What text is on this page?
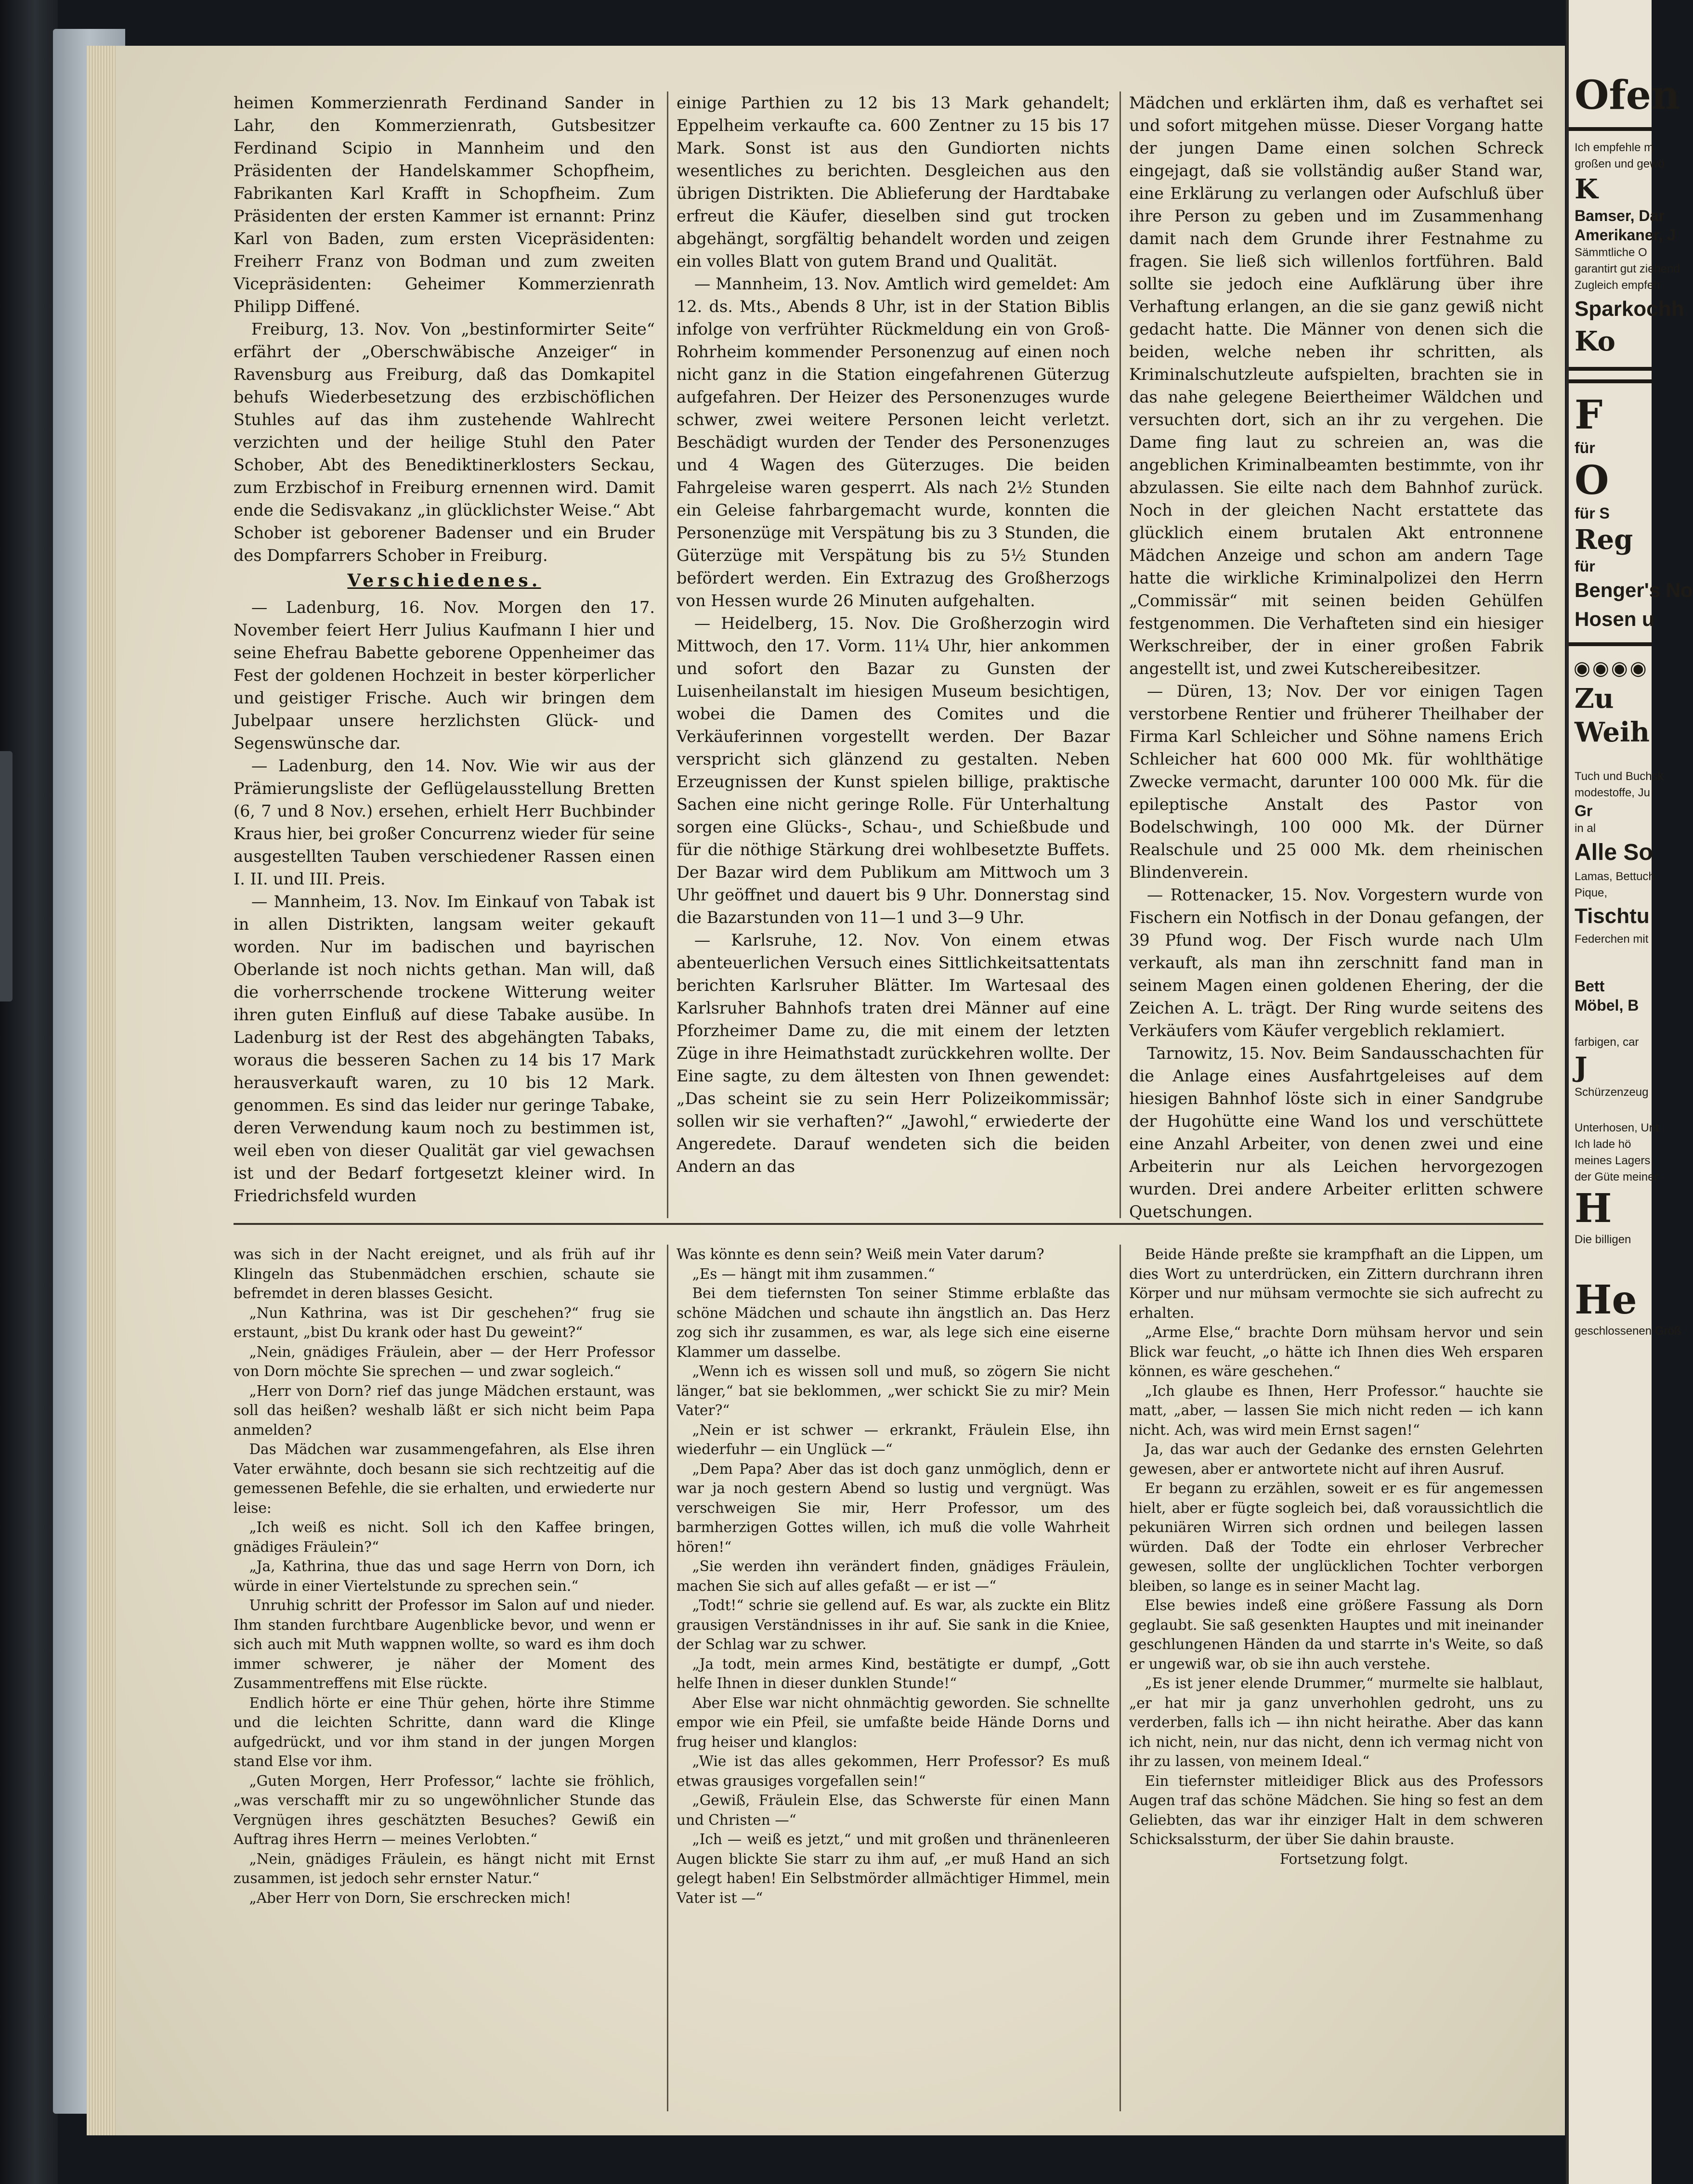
heimen Kommerzienrath Ferdinand Sander in Lahr, den Kommerzienrath, Gutsbesitzer Ferdinand Scipio in Mannheim und den Präsidenten der Handelskammer Schopfheim, Fabrikanten Karl Krafft in Schopfheim. Zum Präsidenten der ersten Kammer ist ernannt: Prinz Karl von Baden, zum ersten Vicepräsidenten: Freiherr Franz von Bodman und zum zweiten Vicepräsidenten: Geheimer Kommerzienrath Philipp Diffené.

Freiburg, 13. Nov. Von „bestinformirter Seite“ erfährt der „Oberschwäbische Anzeiger“ in Ravensburg aus Freiburg, daß das Domkapitel behufs Wiederbesetzung des erzbischöflichen Stuhles auf das ihm zustehende Wahlrecht verzichten und der heilige Stuhl den Pater Schober, Abt des Benediktinerklosters Seckau, zum Erzbischof in Freiburg ernennen wird. Damit ende die Sedisvakanz „in glücklichster Weise.“ Abt Schober ist geborener Badenser und ein Bruder des Dompfarrers Schober in Freiburg.

Verschiedenes.

— Ladenburg, 16. Nov. Morgen den 17. November feiert Herr Julius Kaufmann I hier und seine Ehefrau Babette geborene Oppenheimer das Fest der goldenen Hochzeit in bester körperlicher und geistiger Frische. Auch wir bringen dem Jubelpaar unsere herzlichsten Glück- und Segenswünsche dar.

— Ladenburg, den 14. Nov. Wie wir aus der Prämierungsliste der Geflügelausstellung Bretten (6, 7 und 8 Nov.) ersehen, erhielt Herr Buchbinder Kraus hier, bei großer Concurrenz wieder für seine ausgestellten Tauben verschiedener Rassen einen I. II. und III. Preis.

— Mannheim, 13. Nov. Im Einkauf von Tabak ist in allen Distrikten, langsam weiter gekauft worden. Nur im badischen und bayrischen Oberlande ist noch nichts gethan. Man will, daß die vorherrschende trockene Witterung weiter ihren guten Einfluß auf diese Tabake ausübe. In Ladenburg ist der Rest des abgehängten Tabaks, woraus die besseren Sachen zu 14 bis 17 Mark herausverkauft waren, zu 10 bis 12 Mark. genommen. Es sind das leider nur geringe Tabake, deren Verwendung kaum noch zu bestimmen ist, weil eben von dieser Qualität gar viel gewachsen ist und der Bedarf fortgesetzt kleiner wird. In Friedrichsfeld wurden

einige Parthien zu 12 bis 13 Mark gehandelt; Eppelheim verkaufte ca. 600 Zentner zu 15 bis 17 Mark. Sonst ist aus den Gundiorten nichts wesentliches zu berichten. Desgleichen aus den übrigen Distrikten. Die Ablieferung der Hardtabake erfreut die Käufer, dieselben sind gut trocken abgehängt, sorgfältig behandelt worden und zeigen ein volles Blatt von gutem Brand und Qualität.

— Mannheim, 13. Nov. Amtlich wird gemeldet: Am 12. ds. Mts., Abends 8 Uhr, ist in der Station Biblis infolge von verfrühter Rückmeldung ein von Groß-Rohrheim kommender Personenzug auf einen noch nicht ganz in die Station eingefahrenen Güterzug aufgefahren. Der Heizer des Personenzuges wurde schwer, zwei weitere Personen leicht verletzt. Beschädigt wurden der Tender des Personenzuges und 4 Wagen des Güterzuges. Die beiden Fahrgeleise waren gesperrt. Als nach 2½ Stunden ein Geleise fahrbargemacht wurde, konnten die Personenzüge mit Verspätung bis zu 3 Stunden, die Güterzüge mit Verspätung bis zu 5½ Stunden befördert werden. Ein Extrazug des Großherzogs von Hessen wurde 26 Minuten aufgehalten.

— Heidelberg, 15. Nov. Die Großherzogin wird Mittwoch, den 17. Vorm. 11¼ Uhr, hier ankommen und sofort den Bazar zu Gunsten der Luisenheilanstalt im hiesigen Museum besichtigen, wobei die Damen des Comites und die Verkäuferinnen vorgestellt werden. Der Bazar verspricht sich glänzend zu gestalten. Neben Erzeugnissen der Kunst spielen billige, praktische Sachen eine nicht geringe Rolle. Für Unterhaltung sorgen eine Glücks-, Schau-, und Schießbude und für die nöthige Stärkung drei wohlbesetzte Buffets. Der Bazar wird dem Publikum am Mittwoch um 3 Uhr geöffnet und dauert bis 9 Uhr. Donnerstag sind die Bazarstunden von 11—1 und 3—9 Uhr.

— Karlsruhe, 12. Nov. Von einem etwas abenteuerlichen Versuch eines Sittlichkeitsattentats berichten Karlsruher Blätter. Im Wartesaal des Karlsruher Bahnhofs traten drei Männer auf eine Pforzheimer Dame zu, die mit einem der letzten Züge in ihre Heimathstadt zurückkehren wollte. Der Eine sagte, zu dem ältesten von Ihnen gewendet: „Das scheint sie zu sein Herr Polizeikommissär; sollen wir sie verhaften?“ „Jawohl,“ erwiederte der Angeredete. Darauf wendeten sich die beiden Andern an das

Mädchen und erklärten ihm, daß es verhaftet sei und sofort mitgehen müsse. Dieser Vorgang hatte der jungen Dame einen solchen Schreck eingejagt, daß sie vollständig außer Stand war, eine Erklärung zu verlangen oder Aufschluß über ihre Person zu geben und im Zusammenhang damit nach dem Grunde ihrer Festnahme zu fragen. Sie ließ sich willenlos fortführen. Bald sollte sie jedoch eine Aufklärung über ihre Verhaftung erlangen, an die sie ganz gewiß nicht gedacht hatte. Die Männer von denen sich die beiden, welche neben ihr schritten, als Kriminalschutzleute aufspielten, brachten sie in das nahe gelegene Beiertheimer Wäldchen und versuchten dort, sich an ihr zu vergehen. Die Dame fing laut zu schreien an, was die angeblichen Kriminalbeamten bestimmte, von ihr abzulassen. Sie eilte nach dem Bahnhof zurück. Noch in der gleichen Nacht erstattete das glücklich einem brutalen Akt entronnene Mädchen Anzeige und schon am andern Tage hatte die wirkliche Kriminalpolizei den Herrn „Commissär“ mit seinen beiden Gehülfen festgenommen. Die Verhafteten sind ein hiesiger Werkschreiber, der in einer großen Fabrik angestellt ist, und zwei Kutschereibesitzer.

— Düren, 13; Nov. Der vor einigen Tagen verstorbene Rentier und früherer Theilhaber der Firma Karl Schleicher und Söhne namens Erich Schleicher hat 600 000 Mk. für wohlthätige Zwecke vermacht, darunter 100 000 Mk. für die epileptische Anstalt des Pastor von Bodelschwingh, 100 000 Mk. der Dürner Realschule und 25 000 Mk. dem rheinischen Blindenverein.

— Rottenacker, 15. Nov. Vorgestern wurde von Fischern ein Notfisch in der Donau gefangen, der 39 Pfund wog. Der Fisch wurde nach Ulm verkauft, als man ihn zerschnitt fand man in seinem Magen einen goldenen Ehering, der die Zeichen A. L. trägt. Der Ring wurde seitens des Verkäufers vom Käufer vergeblich reklamiert.

Tarnowitz, 15. Nov. Beim Sandausschachten für die Anlage eines Ausfahrtgeleises auf dem hiesigen Bahnhof löste sich in einer Sandgrube der Hugohütte eine Wand los und verschüttete eine Anzahl Arbeiter, von denen zwei und eine Arbeiterin nur als Leichen hervorgezogen wurden. Drei andere Arbeiter erlitten schwere Quetschungen.

was sich in der Nacht ereignet, und als früh auf ihr Klingeln das Stubenmädchen erschien, schaute sie befremdet in deren blasses Gesicht.

„Nun Kathrina, was ist Dir geschehen?“ frug sie erstaunt, „bist Du krank oder hast Du geweint?“

„Nein, gnädiges Fräulein, aber — der Herr Professor von Dorn möchte Sie sprechen — und zwar sogleich.“

„Herr von Dorn? rief das junge Mädchen erstaunt, was soll das heißen? weshalb läßt er sich nicht beim Papa anmelden?

Das Mädchen war zusammengefahren, als Else ihren Vater erwähnte, doch besann sie sich rechtzeitig auf die gemessenen Befehle, die sie erhalten, und erwiederte nur leise:

„Ich weiß es nicht. Soll ich den Kaffee bringen, gnädiges Fräulein?“

„Ja, Kathrina, thue das und sage Herrn von Dorn, ich würde in einer Viertelstunde zu sprechen sein.“

Unruhig schritt der Professor im Salon auf und nieder. Ihm standen furchtbare Augenblicke bevor, und wenn er sich auch mit Muth wappnen wollte, so ward es ihm doch immer schwerer, je näher der Moment des Zusammentreffens mit Else rückte.

Endlich hörte er eine Thür gehen, hörte ihre Stimme und die leichten Schritte, dann ward die Klinge aufgedrückt, und vor ihm stand in der jungen Morgen stand Else vor ihm.

„Guten Morgen, Herr Professor,“ lachte sie fröhlich, „was verschafft mir zu so ungewöhnlicher Stunde das Vergnügen ihres geschätzten Besuches? Gewiß ein Auftrag ihres Herrn — meines Verlobten.“

„Nein, gnädiges Fräulein, es hängt nicht mit Ernst zusammen, ist jedoch sehr ernster Natur.“

„Aber Herr von Dorn, Sie erschrecken mich!

Was könnte es denn sein? Weiß mein Vater darum?

„Es — hängt mit ihm zusammen.“

Bei dem tiefernsten Ton seiner Stimme erblaßte das schöne Mädchen und schaute ihn ängstlich an. Das Herz zog sich ihr zusammen, es war, als lege sich eine eiserne Klammer um dasselbe.

„Wenn ich es wissen soll und muß, so zögern Sie nicht länger,“ bat sie beklommen, „wer schickt Sie zu mir? Mein Vater?“

„Nein er ist schwer — erkrankt, Fräulein Else, ihn wiederfuhr — ein Unglück —“

„Dem Papa? Aber das ist doch ganz unmöglich, denn er war ja noch gestern Abend so lustig und vergnügt. Was verschweigen Sie mir, Herr Professor, um des barmherzigen Gottes willen, ich muß die volle Wahrheit hören!“

„Sie werden ihn verändert finden, gnädiges Fräulein, machen Sie sich auf alles gefaßt — er ist —“

„Todt!“ schrie sie gellend auf. Es war, als zuckte ein Blitz grausigen Verständnisses in ihr auf. Sie sank in die Kniee, der Schlag war zu schwer.

„Ja todt, mein armes Kind, bestätigte er dumpf, „Gott helfe Ihnen in dieser dunklen Stunde!“

Aber Else war nicht ohnmächtig geworden. Sie schnellte empor wie ein Pfeil, sie umfaßte beide Hände Dorns und frug heiser und klanglos:

„Wie ist das alles gekommen, Herr Professor? Es muß etwas grausiges vorgefallen sein!“

„Gewiß, Fräulein Else, das Schwerste für einen Mann und Christen —“

„Ich — weiß es jetzt,“ und mit großen und thränenleeren Augen blickte Sie starr zu ihm auf, „er muß Hand an sich gelegt haben! Ein Selbstmörder allmächtiger Himmel, mein Vater ist —“

Beide Hände preßte sie krampfhaft an die Lippen, um dies Wort zu unterdrücken, ein Zittern durchrann ihren Körper und nur mühsam vermochte sie sich aufrecht zu erhalten.

„Arme Else,“ brachte Dorn mühsam hervor und sein Blick war feucht, „o hätte ich Ihnen dies Weh ersparen können, es wäre geschehen.“

„Ich glaube es Ihnen, Herr Professor.“ hauchte sie matt, „aber, — lassen Sie mich nicht reden — ich kann nicht. Ach, was wird mein Ernst sagen!“

Ja, das war auch der Gedanke des ernsten Gelehrten gewesen, aber er antwortete nicht auf ihren Ausruf.

Er begann zu erzählen, soweit er es für angemessen hielt, aber er fügte sogleich bei, daß voraussichtlich die pekuniären Wirren sich ordnen und beilegen lassen würden. Daß der Todte ein ehrloser Verbrecher gewesen, sollte der unglücklichen Tochter verborgen bleiben, so lange es in seiner Macht lag.

Else bewies indeß eine größere Fassung als Dorn geglaubt. Sie saß gesenkten Hauptes und mit ineinander geschlungenen Händen da und starrte in's Weite, so daß er ungewiß war, ob sie ihn auch verstehe.

„Es ist jener elende Drummer,“ murmelte sie halblaut, „er hat mir ja ganz unverhohlen gedroht, uns zu verderben, falls ich — ihn nicht heirathe. Aber das kann ich nicht, nein, nur das nicht, denn ich vermag nicht von ihr zu lassen, von meinem Ideal.“

Ein tiefernster mitleidiger Blick aus des Professors Augen traf das schöne Mädchen. Sie hing so fest an dem Geliebten, das war ihr einziger Halt in dem schweren Schicksalssturm, der über Sie dahin brauste.

Fortsetzung folgt.

Ofen
Ich empfehle m
großen und gewö
K
Bamser, Dar
Amerikaner, J
Sämmtliche O
garantirt gut ziehend
Zugleich empfeh
Sparkochh
Ko
F
für
O
für S
Reg
für
Benger's No
Hosen u
◉◉◉◉
Zu
Weih
Tuch und Buchsk
modestoffe, Ju
Gr
in al
Alle So
Lamas, Bettuch
Pique,
Tischtu
Federchen mit
Bett
Möbel, B
farbigen, car
J
Schürzenzeug
Unterhosen, Unt
Ich lade hö
meines Lagers
der Güte meiner
H
Die billigen
He
geschlossenen Größ
